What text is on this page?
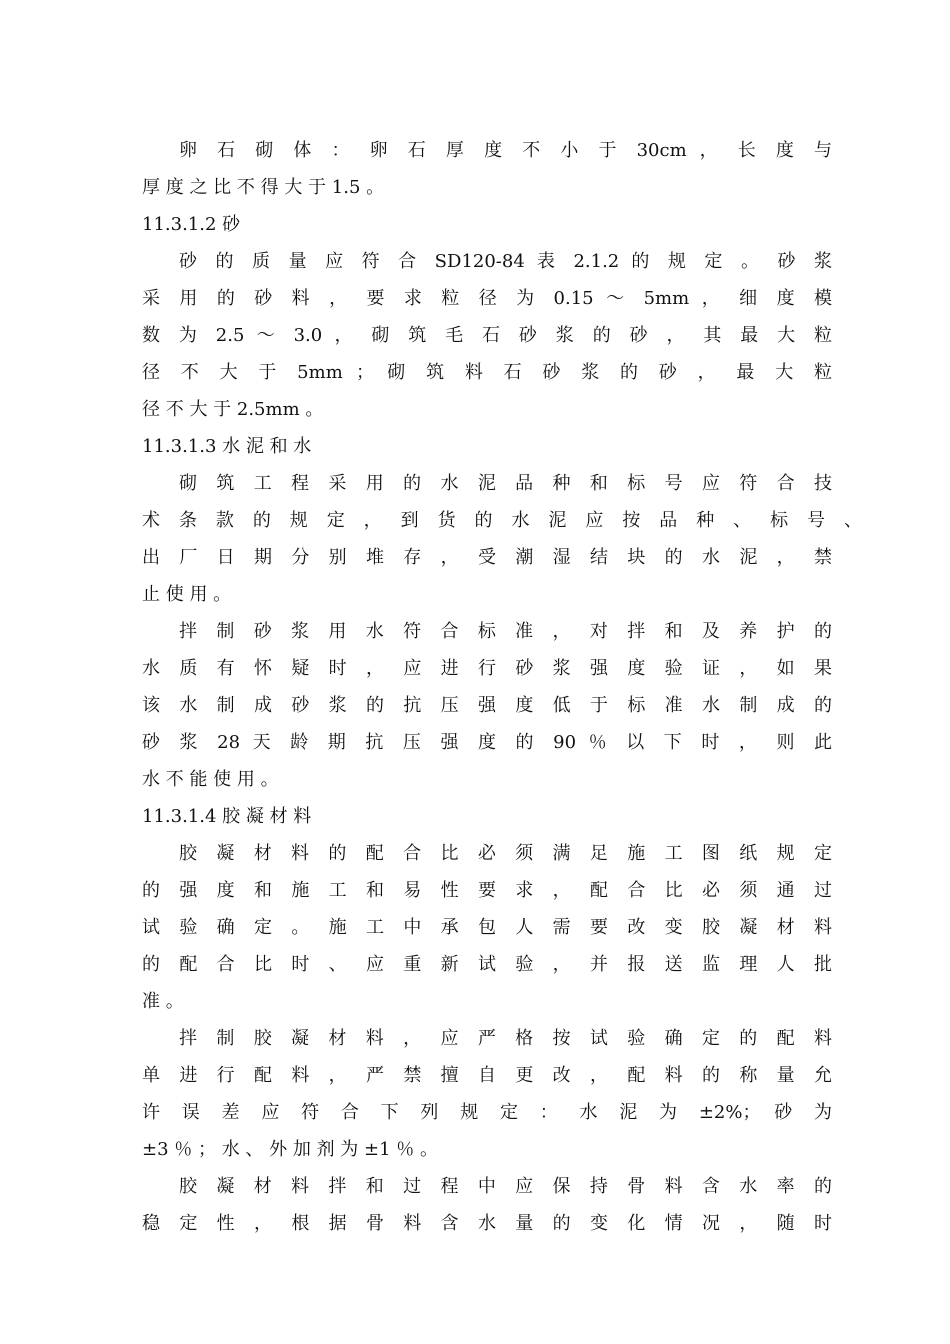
卵 石 砌 体 ： 卵 石 厚 度 不 小 于 30cm ， 长 度 与
厚 度 之 比 不 得 大 于 1.5 。
11.3.1.2 砂
砂 的 质 量 应 符 合 SD120-84 表 2.1.2 的 规 定 。 砂 浆
采 用 的 砂 料 ， 要 求 粒 径 为 0.15 ～ 5mm ， 细 度 模
数 为 2.5 ～ 3.0 ， 砌 筑 毛 石 砂 浆 的 砂 ， 其 最 大 粒
径 不 大 于 5mm ； 砌 筑 料 石 砂 浆 的 砂 ， 最 大 粒
径 不 大 于 2.5mm 。
11.3.1.3 水 泥 和 水
砌 筑 工 程 采 用 的 水 泥 品 种 和 标 号 应 符 合 技
术 条 款 的 规 定 ， 到 货 的 水 泥 应 按 品 种 、 标 号 、
出 厂 日 期 分 别 堆 存 ， 受 潮 湿 结 块 的 水 泥 ， 禁
止 使 用 。
拌 制 砂 浆 用 水 符 合 标 准 ， 对 拌 和 及 养 护 的
水 质 有 怀 疑 时 ， 应 进 行 砂 浆 强 度 验 证 ， 如 果
该 水 制 成 砂 浆 的 抗 压 强 度 低 于 标 准 水 制 成 的
砂 浆 28 天 龄 期 抗 压 强 度 的 90 ％ 以 下 时 ， 则 此
水 不 能 使 用 。
11.3.1.4 胶 凝 材 料
胶 凝 材 料 的 配 合 比 必 须 满 足 施 工 图 纸 规 定
的 强 度 和 施 工 和 易 性 要 求 ， 配 合 比 必 须 通 过
试 验 确 定 。 施 工 中 承 包 人 需 要 改 变 胶 凝 材 料
的 配 合 比 时 、 应 重 新 试 验 ， 并 报 送 监 理 人 批
准 。
拌 制 胶 凝 材 料 ， 应 严 格 按 试 验 确 定 的 配 料
单 进 行 配 料 ， 严 禁 擅 自 更 改 ， 配 料 的 称 量 允
许 误 差 应 符 合 下 列 规 定 ： 水 泥 为 ±2%； 砂 为
±3 ％ ； 水 、 外 加 剂 为 ±1 ％ 。
胶 凝 材 料 拌 和 过 程 中 应 保 持 骨 料 含 水 率 的
稳 定 性 ， 根 据 骨 料 含 水 量 的 变 化 情 况 ， 随 时
